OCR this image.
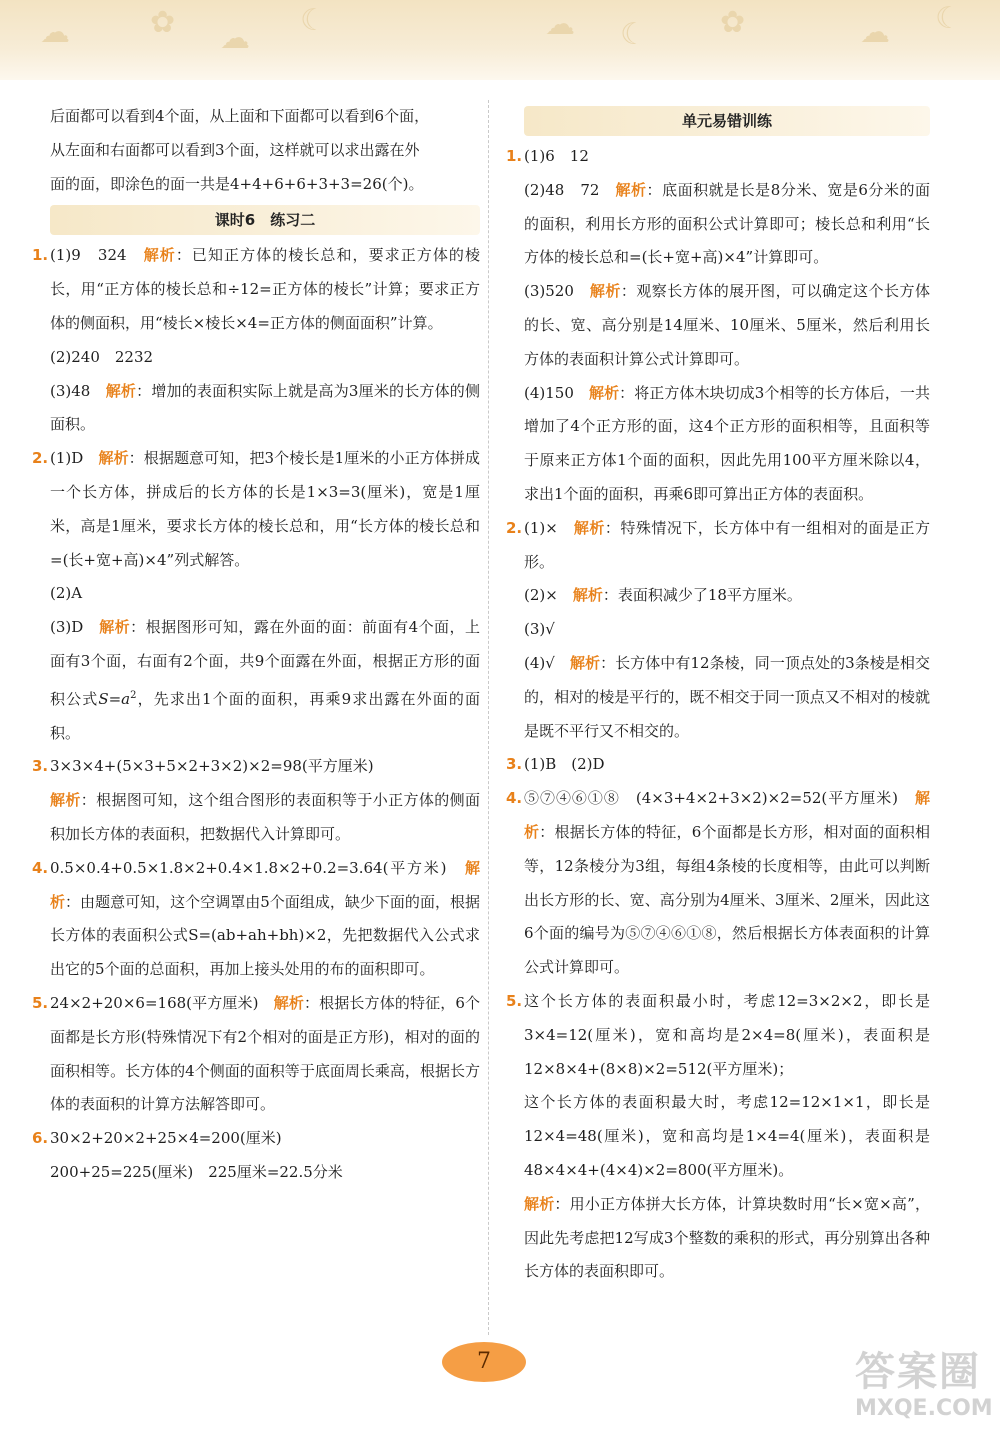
☁	✿ ☁
☾	☁ ☾ ✿	☁ ☾

后面都可以看到4个面，从上面和下面都可以看到6个面，

从左面和右面都可以看到3个面，这样就可以求出露在外

面的面，即涂色的面一共是4+4+6+6+3+3=26(个)。

课时6　练习二
1. (1)9　324　解析：已知正方体的棱长总和，要求正方体的棱长，用“正方体的棱长总和÷12=正方体的棱长”计算；要求正方体的侧面积，用“棱长×棱长×4=正方体的侧面面积”计算。

(2)240　2232

(3)48　解析：增加的表面积实际上就是高为3厘米的长方体的侧面积。

2. (1)D　解析：根据题意可知，把3个棱长是1厘米的小正方体拼成一个长方体，拼成后的长方体的长是1×3=3(厘米)，宽是1厘米，高是1厘米，要求长方体的棱长总和，用“长方体的棱长总和=(长+宽+高)×4”列式解答。

(2)A

(3)D　解析：根据图形可知，露在外面的面：前面有4个面，上面有3个面，右面有2个面，共9个面露在外面，根据正方形的面积公式$S=a^2$，先求出1个面的面积，再乘9求出露在外面的面积。

3. 3×3×4+(5×3+5×2+3×2)×2=98(平方厘米)

解析：根据图可知，这个组合图形的表面积等于小正方体的侧面积加长方体的表面积，把数据代入计算即可。

4. 0.5×0.4+0.5×1.8×2+0.4×1.8×2+0.2=3.64(平方米)　解析：由题意可知，这个空调罩由5个面组成，缺少下面的面，根据长方体的表面积公式S=(ab+ah+bh)×2，先把数据代入公式求出它的5个面的总面积，再加上接头处用的布的面积即可。

5. 24×2+20×6=168(平方厘米)　解析：根据长方体的特征，6个面都是长方形(特殊情况下有2个相对的面是正方形)，相对的面的面积相等。长方体的4个侧面的面积等于底面周长乘高，根据长方体的表面积的计算方法解答即可。

6. 30×2+20×2+25×4=200(厘米)

200+25=225(厘米)　225厘米=22.5分米

单元易错训练
1. (1)6　12

(2)48　72　解析：底面积就是长是8分米、宽是6分米的面的面积，利用长方形的面积公式计算即可；棱长总和利用“长方体的棱长总和=(长+宽+高)×4”计算即可。

(3)520　解析：观察长方体的展开图，可以确定这个长方体的长、宽、高分别是14厘米、10厘米、5厘米，然后利用长方体的表面积计算公式计算即可。

(4)150　解析：将正方体木块切成3个相等的长方体后，一共增加了4个正方形的面，这4个正方形的面积相等，且面积等于原来正方体1个面的面积，因此先用100平方厘米除以4，求出1个面的面积，再乘6即可算出正方体的表面积。

2. (1)×　解析：特殊情况下，长方体中有一组相对的面是正方形。

(2)×　解析：表面积减少了18平方厘米。

(3)√

(4)√　解析：长方体中有12条棱，同一顶点处的3条棱是相交的，相对的棱是平行的，既不相交于同一顶点又不相对的棱就是既不平行又不相交的。

3. (1)B　(2)D

4. ⑤⑦④⑥①⑧　(4×3+4×2+3×2)×2=52(平方厘米)　解析：根据长方体的特征，6个面都是长方形，相对面的面积相等，12条棱分为3组，每组4条棱的长度相等，由此可以判断出长方形的长、宽、高分别为4厘米、3厘米、2厘米，因此这6个面的编号为⑤⑦④⑥①⑧，然后根据长方体表面积的计算公式计算即可。

5. 这个长方体的表面积最小时，考虑12=3×2×2，即长是3×4=12(厘米)，宽和高均是2×4=8(厘米)，表面积是12×8×4+(8×8)×2=512(平方厘米)；

这个长方体的表面积最大时，考虑12=12×1×1，即长是12×4=48(厘米)，宽和高均是1×4=4(厘米)，表面积是48×4×4+(4×4)×2=800(平方厘米)。

解析：用小正方体拼大长方体，计算块数时用“长×宽×高”，因此先考虑把12写成3个整数的乘积的形式，再分别算出各种长方体的表面积即可。

7	答案圈
MXQE.COM
